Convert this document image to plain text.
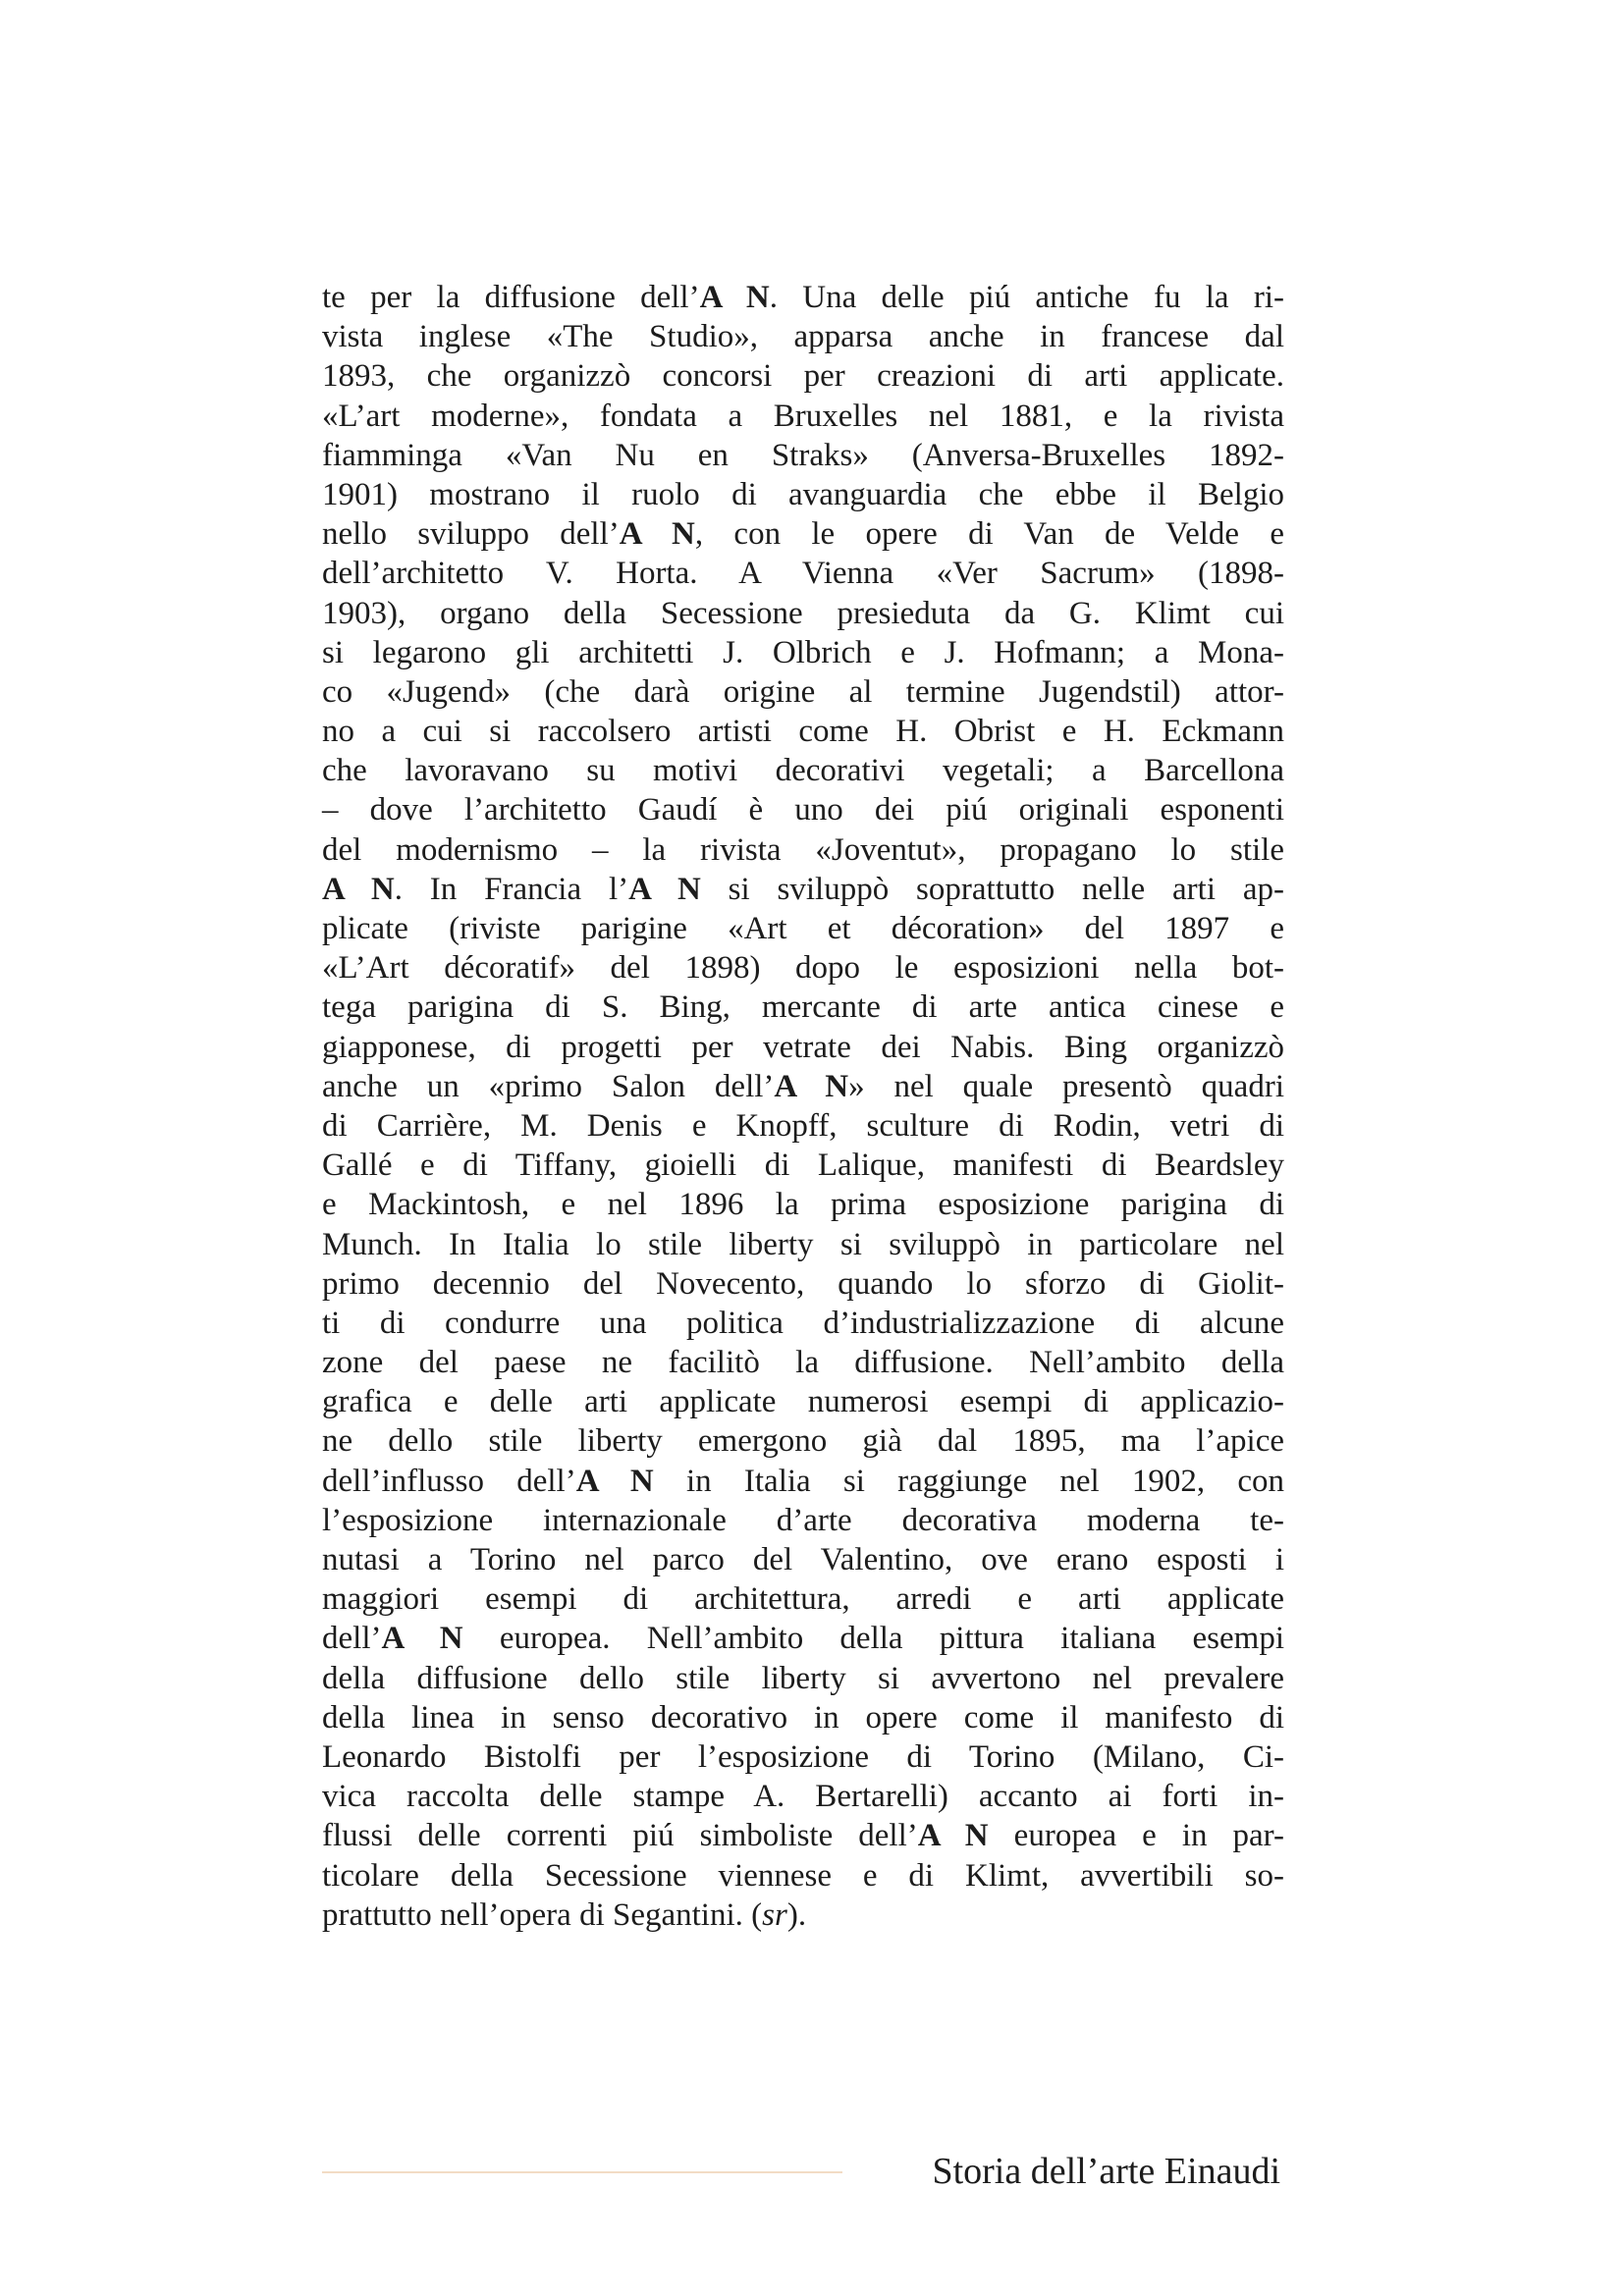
te per la diffusione dell’A N. Una delle piú antiche fu la ri-
vista inglese «The Studio», apparsa anche in francese dal
1893, che organizzò concorsi per creazioni di arti applicate.
«L’art moderne», fondata a Bruxelles nel 1881, e la rivista
fiamminga «Van Nu en Straks» (Anversa-Bruxelles 1892-
1901) mostrano il ruolo di avanguardia che ebbe il Belgio
nello sviluppo dell’A N, con le opere di Van de Velde e
dell’architetto V. Horta. A Vienna «Ver Sacrum» (1898-
1903), organo della Secessione presieduta da G. Klimt cui
si legarono gli architetti J. Olbrich e J. Hofmann; a Mona-
co «Jugend» (che darà origine al termine Jugendstil) attor-
no a cui si raccolsero artisti come H. Obrist e H. Eckmann
che lavoravano su motivi decorativi vegetali; a Barcellona
– dove l’architetto Gaudí è uno dei piú originali esponenti
del modernismo – la rivista «Joventut», propagano lo stile
A N. In Francia l’A N si sviluppò soprattutto nelle arti ap-
plicate (riviste parigine «Art et décoration» del 1897 e
«L’Art décoratif» del 1898) dopo le esposizioni nella bot-
tega parigina di S. Bing, mercante di arte antica cinese e
giapponese, di progetti per vetrate dei Nabis. Bing organizzò
anche un «primo Salon dell’A N» nel quale presentò quadri
di Carrière, M. Denis e Knopff, sculture di Rodin, vetri di
Gallé e di Tiffany, gioielli di Lalique, manifesti di Beardsley
e Mackintosh, e nel 1896 la prima esposizione parigina di
Munch. In Italia lo stile liberty si sviluppò in particolare nel
primo decennio del Novecento, quando lo sforzo di Giolit-
ti di condurre una politica d’industrializzazione di alcune
zone del paese ne facilitò la diffusione. Nell’ambito della
grafica e delle arti applicate numerosi esempi di applicazio-
ne dello stile liberty emergono già dal 1895, ma l’apice
dell’influsso dell’A N in Italia si raggiunge nel 1902, con
l’esposizione internazionale d’arte decorativa moderna te-
nutasi a Torino nel parco del Valentino, ove erano esposti i
maggiori esempi di architettura, arredi e arti applicate
dell’A N europea. Nell’ambito della pittura italiana esempi
della diffusione dello stile liberty si avvertono nel prevalere
della linea in senso decorativo in opere come il manifesto di
Leonardo Bistolfi per l’esposizione di Torino (Milano, Ci-
vica raccolta delle stampe A. Bertarelli) accanto ai forti in-
flussi delle correnti piú simboliste dell’A N europea e in par-
ticolare della Secessione viennese e di Klimt, avvertibili so-
prattutto nell’opera di Segantini. (sr).
Storia dell’arte Einaudi
